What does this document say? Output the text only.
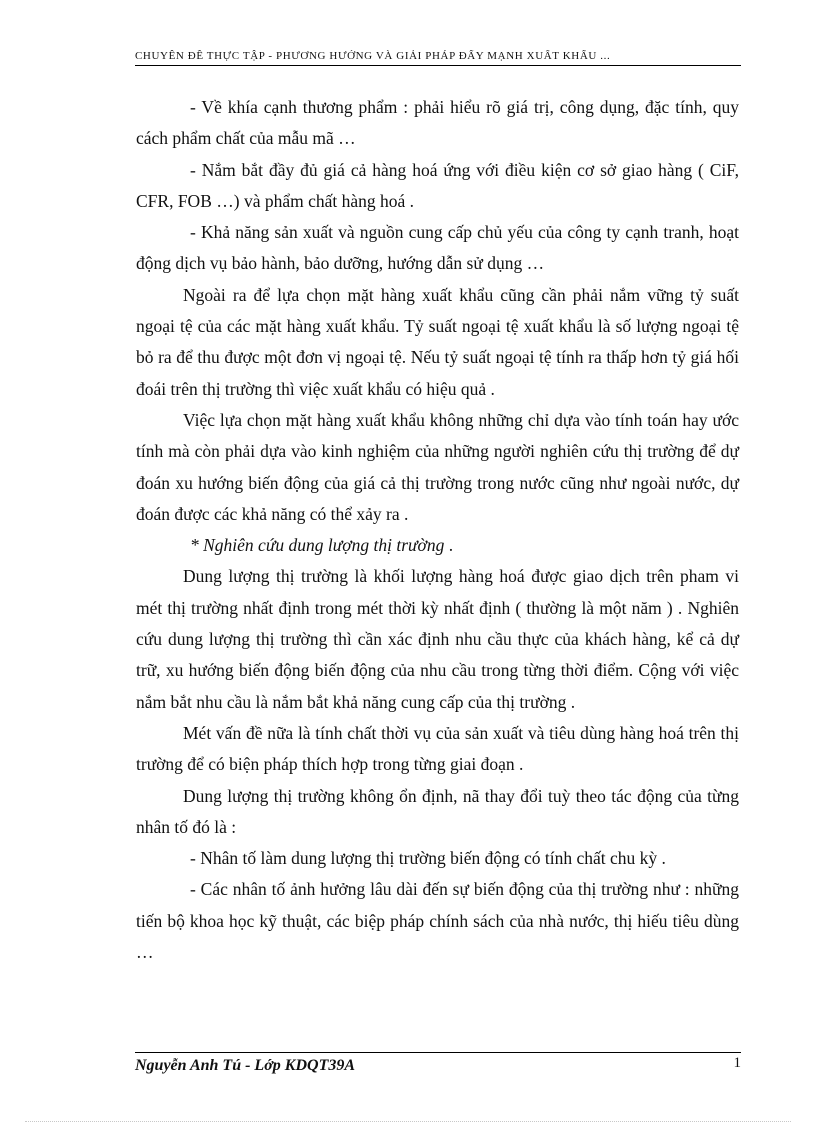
CHUYÊN ĐỀ THỰC TẬP - PHƯƠNG HƯỚNG VÀ GIẢI PHÁP ĐẨY MẠNH XUẤT KHẨU ...

- Về khía cạnh thương phẩm : phải hiểu rõ giá trị, công dụng, đặc tính, quy cách phẩm chất của mẫu mã …

- Nắm bắt đầy đủ giá cả hàng hoá ứng với điều kiện cơ sở giao hàng ( CiF, CFR, FOB …) và phẩm chất hàng hoá .

- Khả năng sản xuất và nguồn cung cấp chủ yếu của công ty cạnh tranh, hoạt động dịch vụ bảo hành, bảo dưỡng, hướng dẫn sử dụng …

Ngoài ra để lựa chọn mặt hàng xuất khẩu cũng cần phải nắm vững tỷ suất ngoại tệ của các mặt hàng xuất khẩu. Tỷ suất ngoại tệ xuất khẩu là số lượng ngoại tệ bỏ ra để thu được một đơn vị ngoại tệ. Nếu tỷ suất ngoại tệ tính ra thấp hơn tỷ giá hối đoái trên thị trường thì việc xuất khẩu có hiệu quả .

Việc lựa chọn mặt hàng xuất khẩu không những chỉ dựa vào tính toán hay ước tính mà còn phải dựa vào kinh nghiệm của những người nghiên cứu thị trường để dự đoán xu hướng biến động của giá cả thị trường trong nước cũng như ngoài nước, dự đoán được các khả năng có thể xảy ra .

* Nghiên cứu dung lượng thị trường .

Dung lượng thị trường là khối lượng hàng hoá được giao dịch trên pham vi mét thị trường nhất định trong mét thời kỳ nhất định ( thường là một năm ) . Nghiên cứu dung lượng thị trường thì cần xác định nhu cầu thực của khách hàng, kể cả dự trữ, xu hướng biến động biến động của nhu cầu trong từng thời điểm. Cộng với việc nắm bắt nhu cầu là nắm bắt khả năng cung cấp của thị trường .

Mét vấn đề nữa là tính chất thời vụ của sản xuất và tiêu dùng hàng hoá trên thị trường để có biện pháp thích hợp trong từng giai đoạn .

Dung lượng thị trường không ổn định, nã thay đổi tuỳ theo tác động của từng nhân tố đó là :

- Nhân tố làm dung lượng thị trường biến động có tính chất chu kỳ .

- Các nhân tố ảnh hưởng lâu dài đến sự biến động của thị trường như : những tiến bộ khoa học kỹ thuật, các biệp pháp chính sách của nhà nước, thị hiếu tiêu dùng …

Nguyễn Anh Tú - Lớp KDQT39A	1
